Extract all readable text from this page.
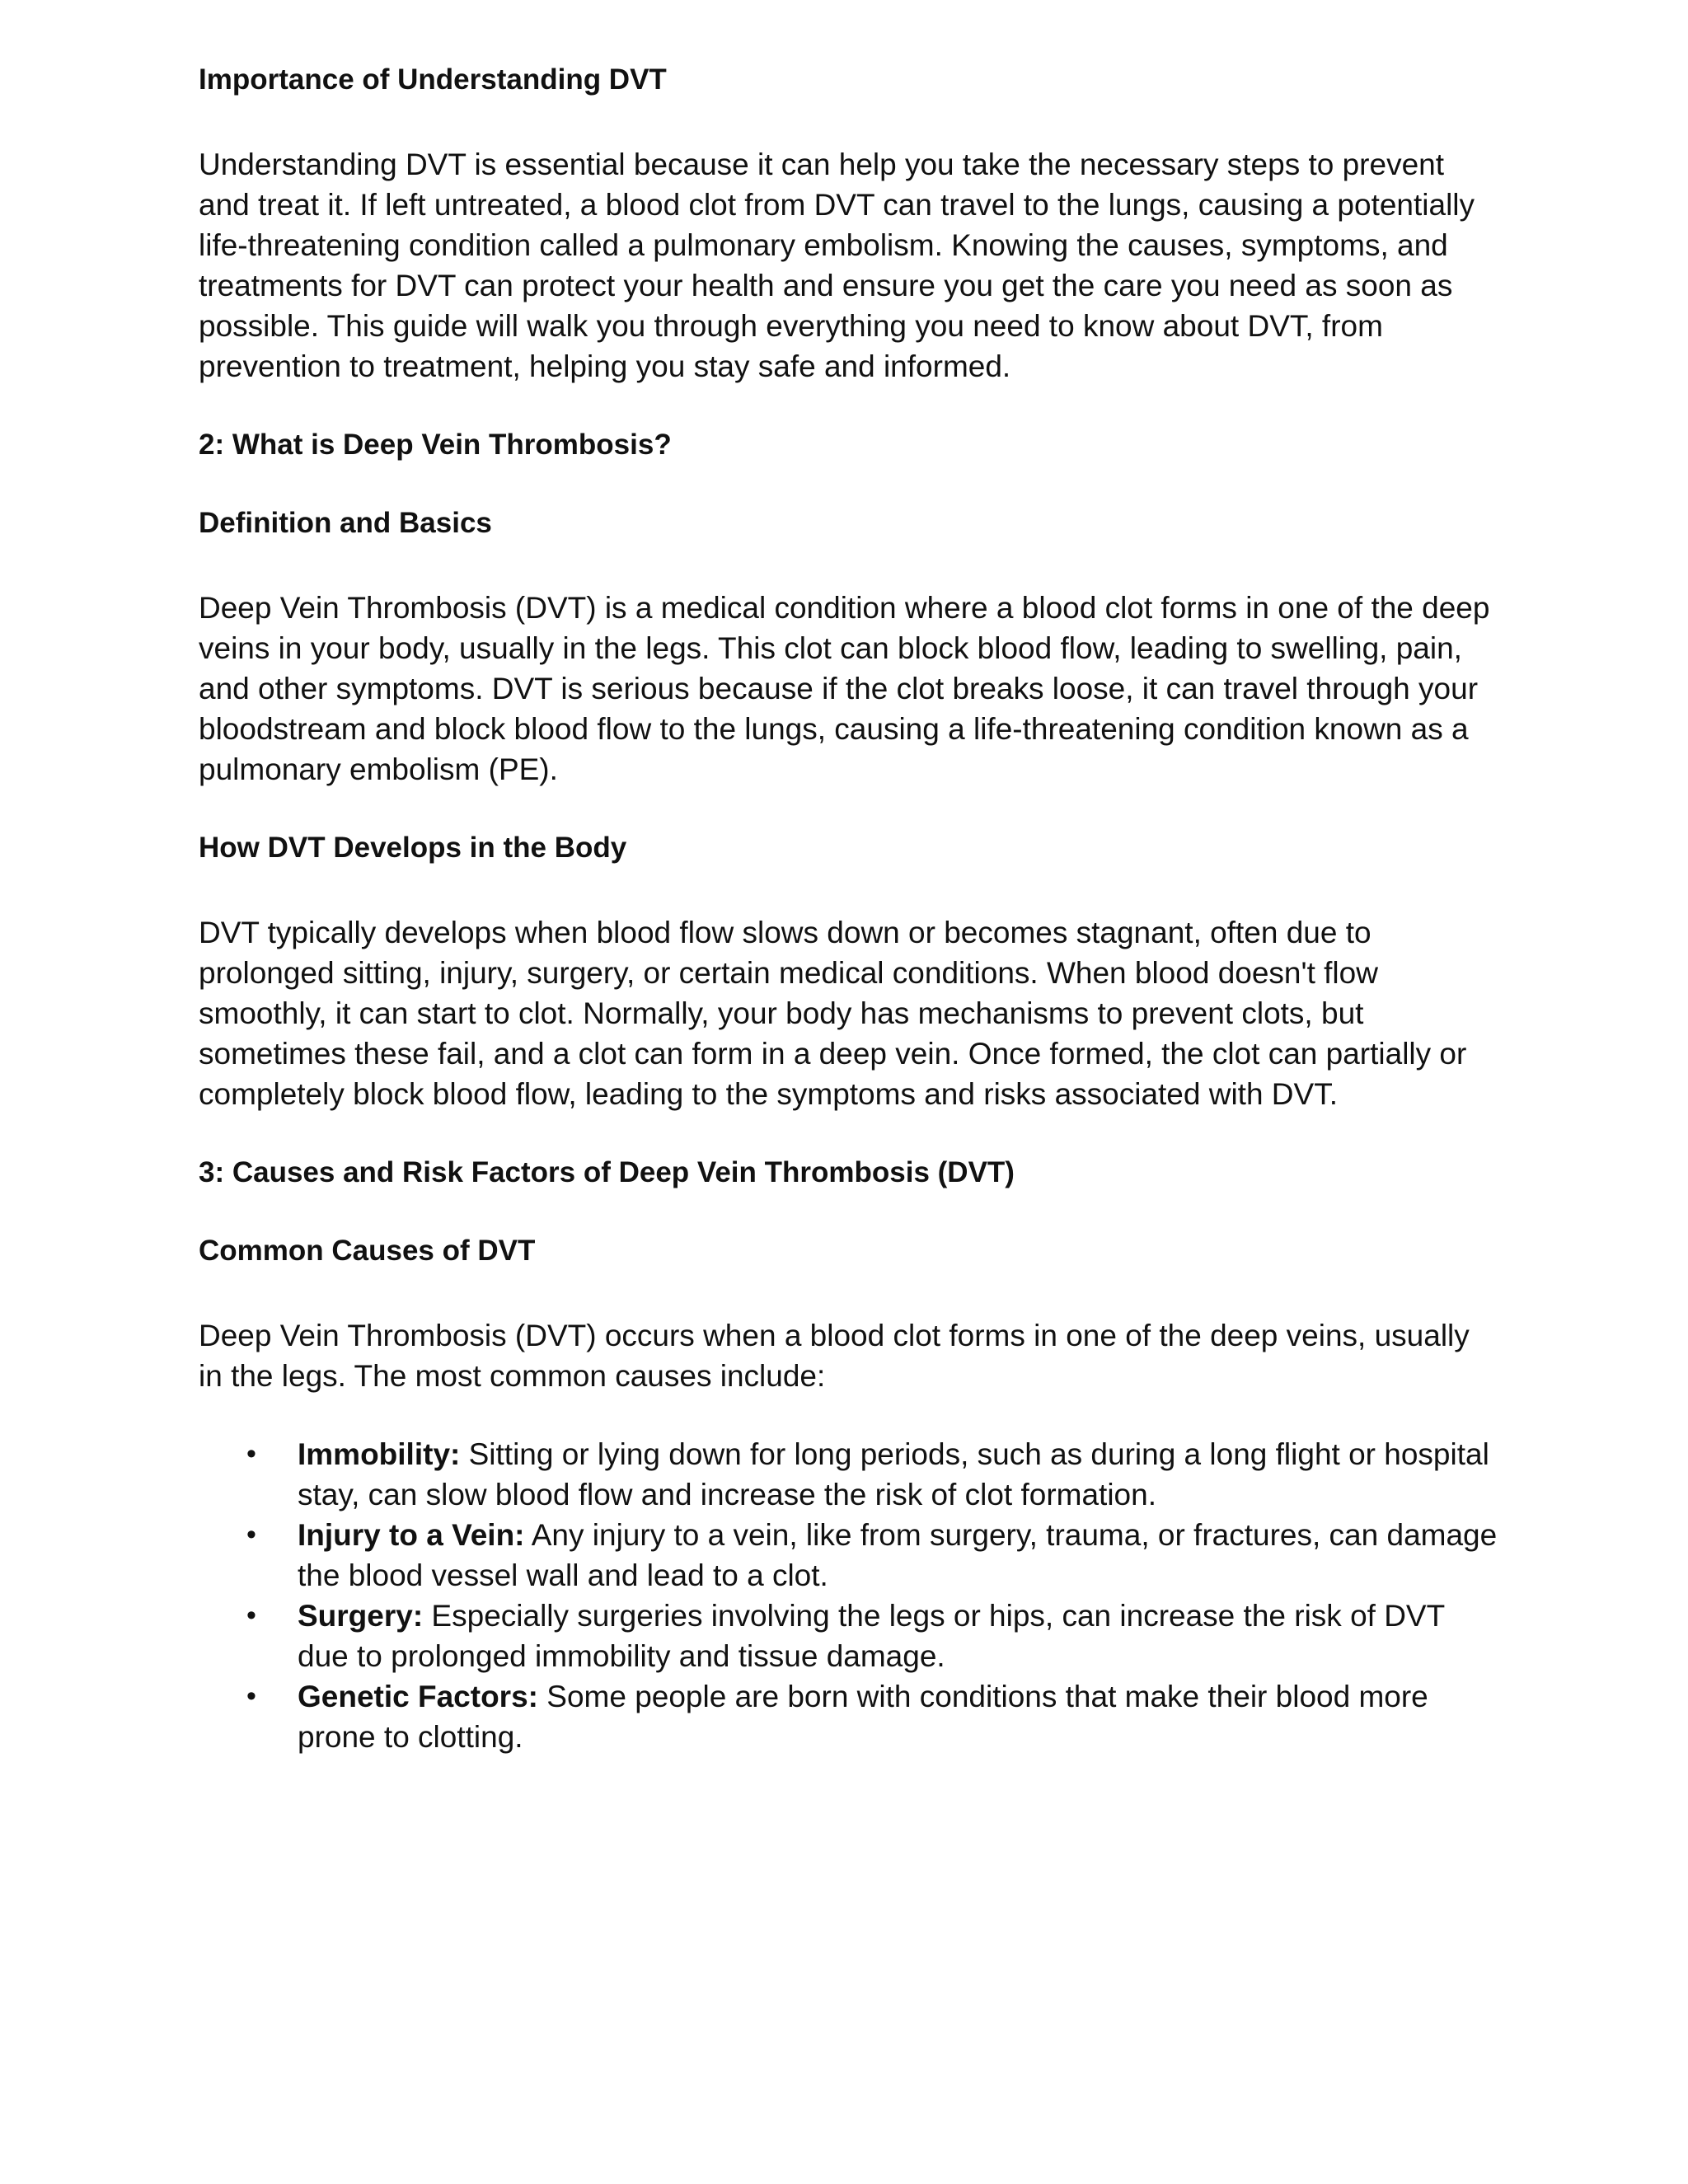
Importance of Understanding DVT

Understanding DVT is essential because it can help you take the necessary steps to prevent and treat it. If left untreated, a blood clot from DVT can travel to the lungs, causing a potentially life-threatening condition called a pulmonary embolism. Knowing the causes, symptoms, and treatments for DVT can protect your health and ensure you get the care you need as soon as possible. This guide will walk you through everything you need to know about DVT, from prevention to treatment, helping you stay safe and informed.

2: What is Deep Vein Thrombosis?
Definition and Basics

Deep Vein Thrombosis (DVT) is a medical condition where a blood clot forms in one of the deep veins in your body, usually in the legs. This clot can block blood flow, leading to swelling, pain, and other symptoms. DVT is serious because if the clot breaks loose, it can travel through your bloodstream and block blood flow to the lungs, causing a life-threatening condition known as a pulmonary embolism (PE).

How DVT Develops in the Body

DVT typically develops when blood flow slows down or becomes stagnant, often due to prolonged sitting, injury, surgery, or certain medical conditions. When blood doesn't flow smoothly, it can start to clot. Normally, your body has mechanisms to prevent clots, but sometimes these fail, and a clot can form in a deep vein. Once formed, the clot can partially or completely block blood flow, leading to the symptoms and risks associated with DVT.

3: Causes and Risk Factors of Deep Vein Thrombosis (DVT)
Common Causes of DVT

Deep Vein Thrombosis (DVT) occurs when a blood clot forms in one of the deep veins, usually in the legs. The most common causes include:

• Immobility: Sitting or lying down for long periods, such as during a long flight or hospital stay, can slow blood flow and increase the risk of clot formation.
• Injury to a Vein: Any injury to a vein, like from surgery, trauma, or fractures, can damage the blood vessel wall and lead to a clot.
• Surgery: Especially surgeries involving the legs or hips, can increase the risk of DVT due to prolonged immobility and tissue damage.
• Genetic Factors: Some people are born with conditions that make their blood more prone to clotting.
